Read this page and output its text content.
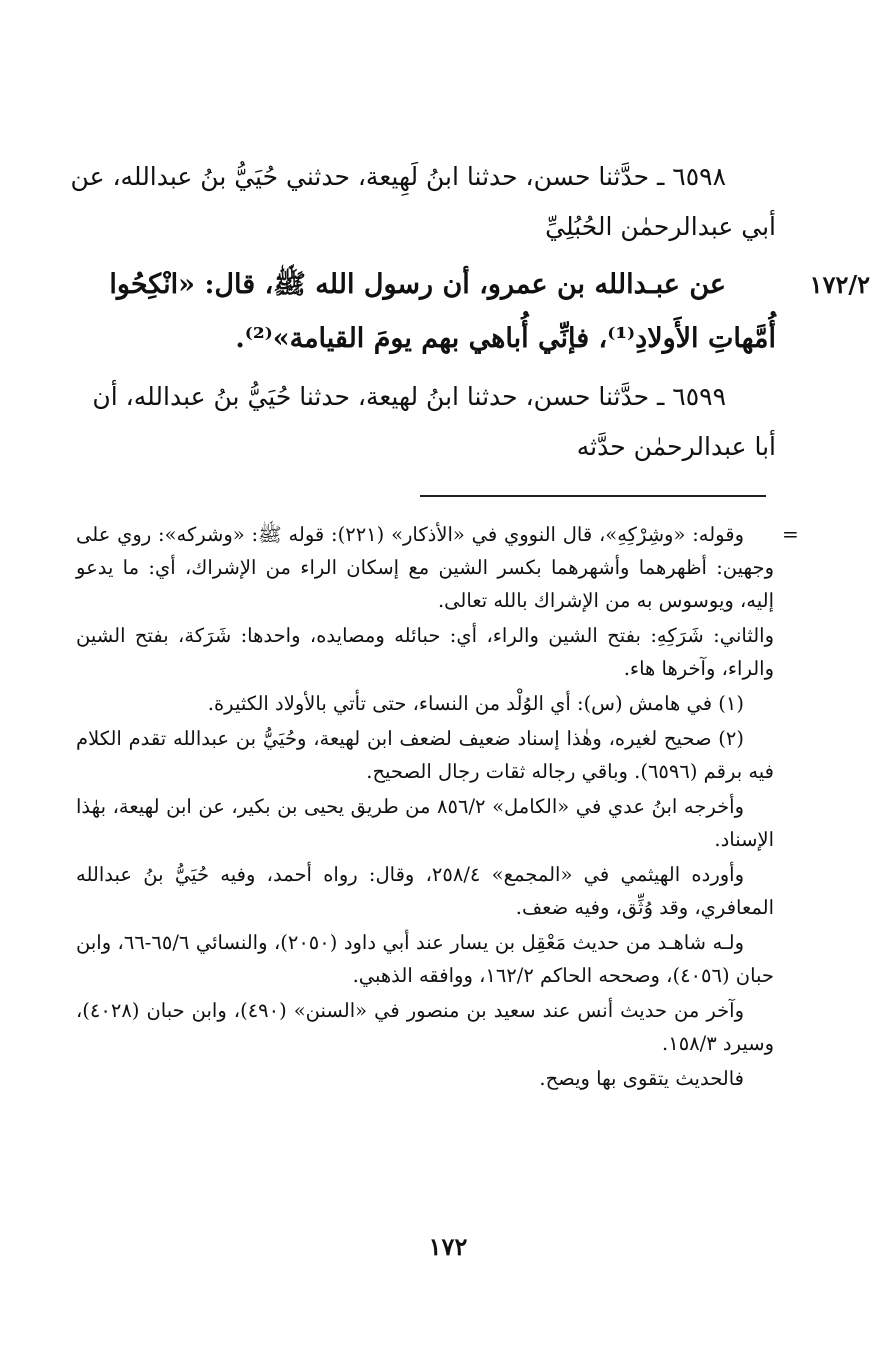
٦٥٩٨ ـ حدَّثنا حسن، حدثنا ابنُ لَهِيعة، حدثني حُيَيُّ بنُ عبدالله، عن

أبي عبدالرحمٰن الحُبُلِيِّ

١٧٢/٢

عن عبـدالله بن عمرو، أن رسول الله ﷺ، قال: «انْكِحُوا

أُمَّهاتِ الأَولادِ⁽¹⁾، فإنِّي أُباهي بهم يومَ القيامة»⁽²⁾.

٦٥٩٩ ـ حدَّثنا حسن، حدثنا ابنُ لهيعة، حدثنا حُيَيُّ بنُ عبدالله، أن

أبا عبدالرحمٰن حدَّثه

=

وقوله: «وشِرْكِهِ»، قال النووي في «الأذكار» (٢٢١): قوله ﷺ: «وشركه»: روي على وجهين: أظهرهما وأشهرهما بكسر الشين مع إسكان الراء من الإشراك، أي: ما يدعو إليه، ويوسوس به من الإشراك بالله تعالى.

والثاني: شَرَكِهِ: بفتح الشين والراء، أي: حبائله ومصايده، واحدها: شَرَكة، بفتح الشين والراء، وآخرها هاء.

(١) في هامش (س): أي الوُلْد من النساء، حتى تأتي بالأولاد الكثيرة.

(٢) صحيح لغيره، وهٰذا إسناد ضعيف لضعف ابن لهيعة، وحُيَيُّ بن عبدالله تقدم الكلام فيه برقم (٦٥٩٦). وباقي رجاله ثقات رجال الصحيح.

وأخرجه ابنُ عدي في «الكامل» ٨٥٦/٢ من طريق يحيى بن بكير، عن ابن لهيعة، بهٰذا الإسناد.

وأورده الهيثمي في «المجمع» ٢٥٨/٤، وقال: رواه أحمد، وفيه حُيَيُّ بنُ عبدالله المعافري، وقد وُثِّق، وفيه ضعف.

ولـه شاهـد من حديث مَعْقِل بن يسار عند أبي داود (٢٠٥٠)، والنسائي ٦٥/٦-٦٦، وابن حبان (٤٠٥٦)، وصححه الحاكم ١٦٢/٢، ووافقه الذهبي.

وآخر من حديث أنس عند سعيد بن منصور في «السنن» (٤٩٠)، وابن حبان (٤٠٢٨)، وسيرد ١٥٨/٣.

فالحديث يتقوى بها ويصح.

١٧٢
